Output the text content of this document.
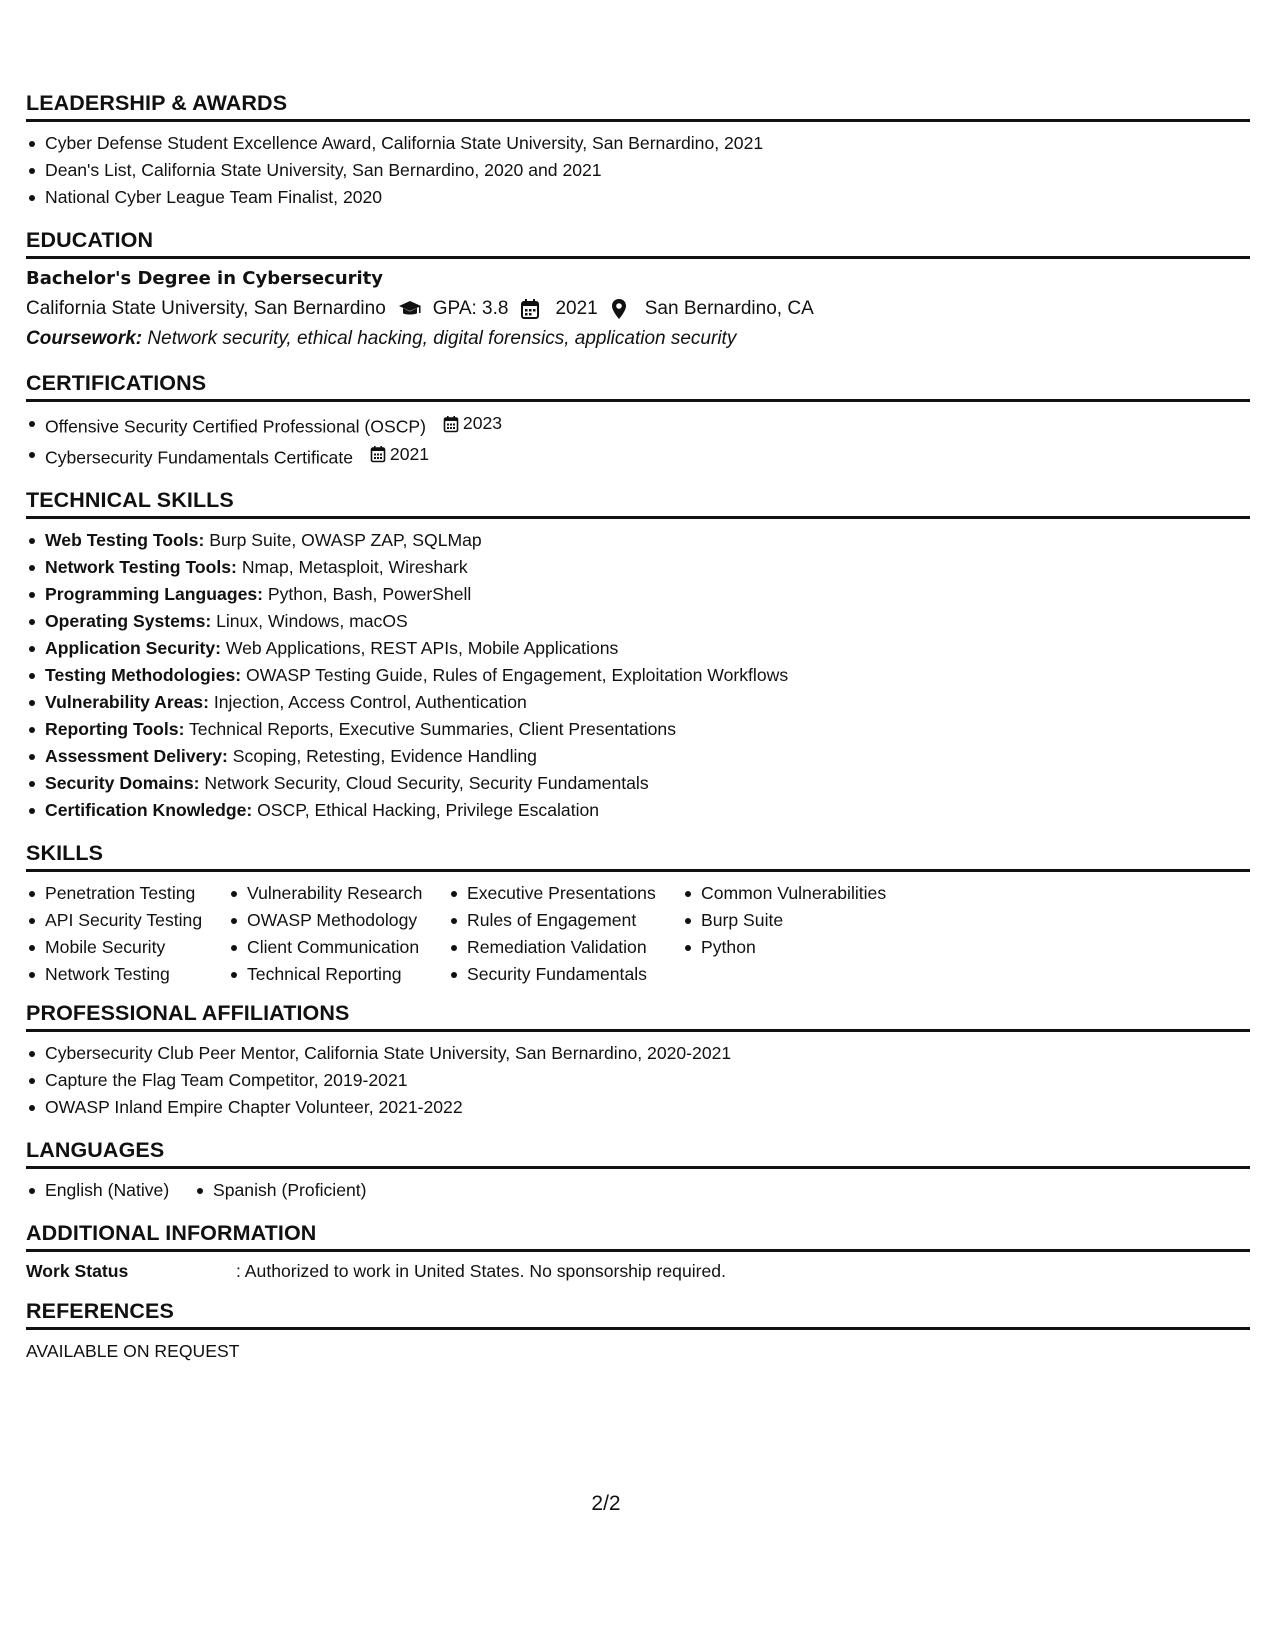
LEADERSHIP & AWARDS
Cyber Defense Student Excellence Award, California State University, San Bernardino, 2021
Dean's List, California State University, San Bernardino, 2020 and 2021
National Cyber League Team Finalist, 2020
EDUCATION
Bachelor's Degree in Cybersecurity
California State University, San Bernardino GPA: 3.8 2021 San Bernardino, CA
Coursework: Network security, ethical hacking, digital forensics, application security
CERTIFICATIONS
Offensive Security Certified Professional (OSCP) 2023
Cybersecurity Fundamentals Certificate 2021
TECHNICAL SKILLS
Web Testing Tools: Burp Suite, OWASP ZAP, SQLMap
Network Testing Tools: Nmap, Metasploit, Wireshark
Programming Languages: Python, Bash, PowerShell
Operating Systems: Linux, Windows, macOS
Application Security: Web Applications, REST APIs, Mobile Applications
Testing Methodologies: OWASP Testing Guide, Rules of Engagement, Exploitation Workflows
Vulnerability Areas: Injection, Access Control, Authentication
Reporting Tools: Technical Reports, Executive Summaries, Client Presentations
Assessment Delivery: Scoping, Retesting, Evidence Handling
Security Domains: Network Security, Cloud Security, Security Fundamentals
Certification Knowledge: OSCP, Ethical Hacking, Privilege Escalation
SKILLS
Penetration Testing
API Security Testing
Mobile Security
Network Testing
Vulnerability Research
OWASP Methodology
Client Communication
Technical Reporting
Executive Presentations
Rules of Engagement
Remediation Validation
Security Fundamentals
Common Vulnerabilities
Burp Suite
Python
PROFESSIONAL AFFILIATIONS
Cybersecurity Club Peer Mentor, California State University, San Bernardino, 2020-2021
Capture the Flag Team Competitor, 2019-2021
OWASP Inland Empire Chapter Volunteer, 2021-2022
LANGUAGES
English (Native)	Spanish (Proficient)
ADDITIONAL INFORMATION
Work Status	: Authorized to work in United States. No sponsorship required.
REFERENCES
AVAILABLE ON REQUEST
2/2
